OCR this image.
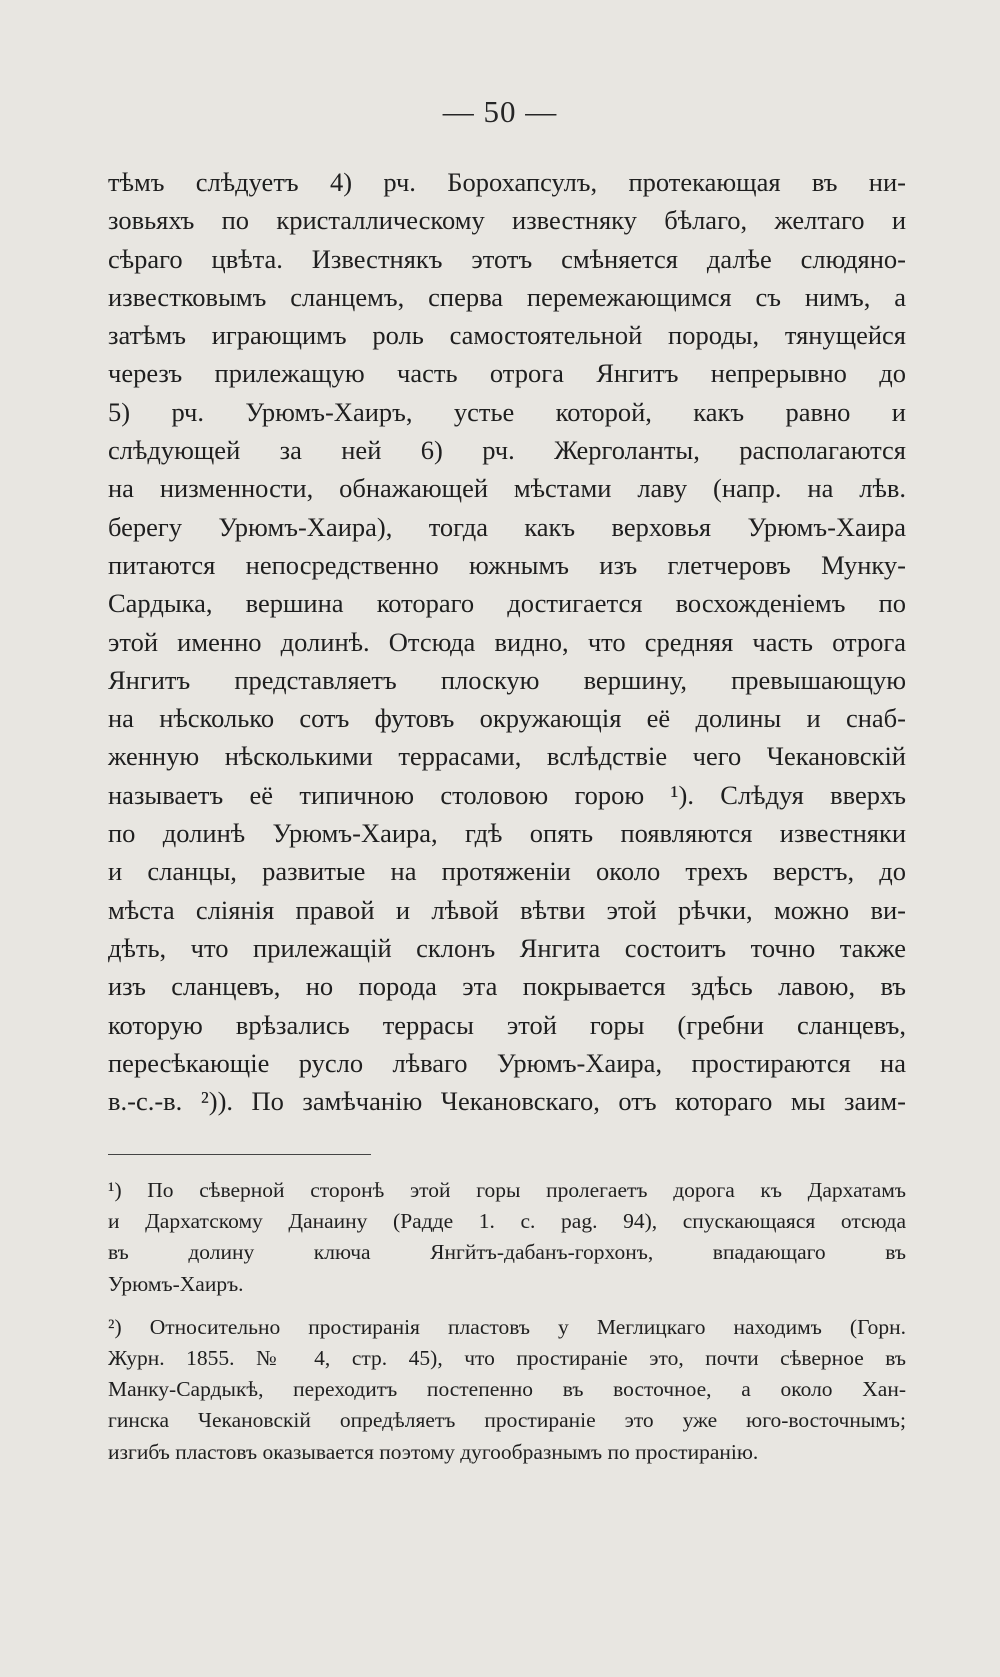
— 50 —
тѣмъ слѣдуетъ 4) рч. Борохапсулъ, протекающая въ ни-
зовьяхъ по кристаллическому известняку бѣлаго, желтаго и
сѣраго цвѣта. Известнякъ этотъ смѣняется далѣе слюдяно-
известковымъ сланцемъ, сперва перемежающимся съ нимъ, а
затѣмъ играющимъ роль самостоятельной породы, тянущейся
черезъ прилежащую часть отрога Янгитъ непрерывно до
5) рч. Урюмъ-Хаиръ, устье которой, какъ равно и
слѣдующей за ней 6) рч. Жерголанты, располагаются
на низменности, обнажающей мѣстами лаву (напр. на лѣв.
берегу Урюмъ-Хаира), тогда какъ верховья Урюмъ-Хаира
питаются непосредственно южнымъ изъ глетчеровъ Мунку-
Сардыка, вершина котораго достигается восхожденіемъ по
этой именно долинѣ. Отсюда видно, что средняя часть отрога
Янгитъ представляетъ плоскую вершину, превышающую
на нѣсколько сотъ футовъ окружающія её долины и снаб-
женную нѣсколькими террасами, вслѣдствіе чего Чекановскій
называетъ её типичною столовою горою ¹). Слѣдуя вверхъ
по долинѣ Урюмъ-Хаира, гдѣ опять появляются известняки
и сланцы, развитые на протяженіи около трехъ верстъ, до
мѣста сліянія правой и лѣвой вѣтви этой рѣчки, можно ви-
дѣть, что прилежащій склонъ Янгита состоитъ точно также
изъ сланцевъ, но порода эта покрывается здѣсь лавою, въ
которую врѣзались террасы этой горы (гребни сланцевъ,
пересѣкающіе русло лѣваго Урюмъ-Хаира, простираются на
в.-с.-в. ²)). По замѣчанію Чекановскаго, отъ котораго мы заим-
¹) По сѣверной сторонѣ этой горы пролегаетъ дорога къ Дархатамъ
и Дархатскому Данаину (Радде 1. с. pag. 94), спускающаяся отсюда
въ долину ключа Янгйтъ-дабанъ-горхонъ, впадающаго въ
Урюмъ-Хаиръ.
²) Относительно простиранія пластовъ у Меглицкаго находимъ (Горн.
Журн. 1855. № 4, стр. 45), что простираніе это, почти сѣверное въ
Манку-Сардыкѣ, переходитъ постепенно въ восточное, а около Хан-
гинска Чекановскій опредѣляетъ простираніе это уже юго-восточнымъ;
изгибъ пластовъ оказывается поэтому дугообразнымъ по простиранію.
